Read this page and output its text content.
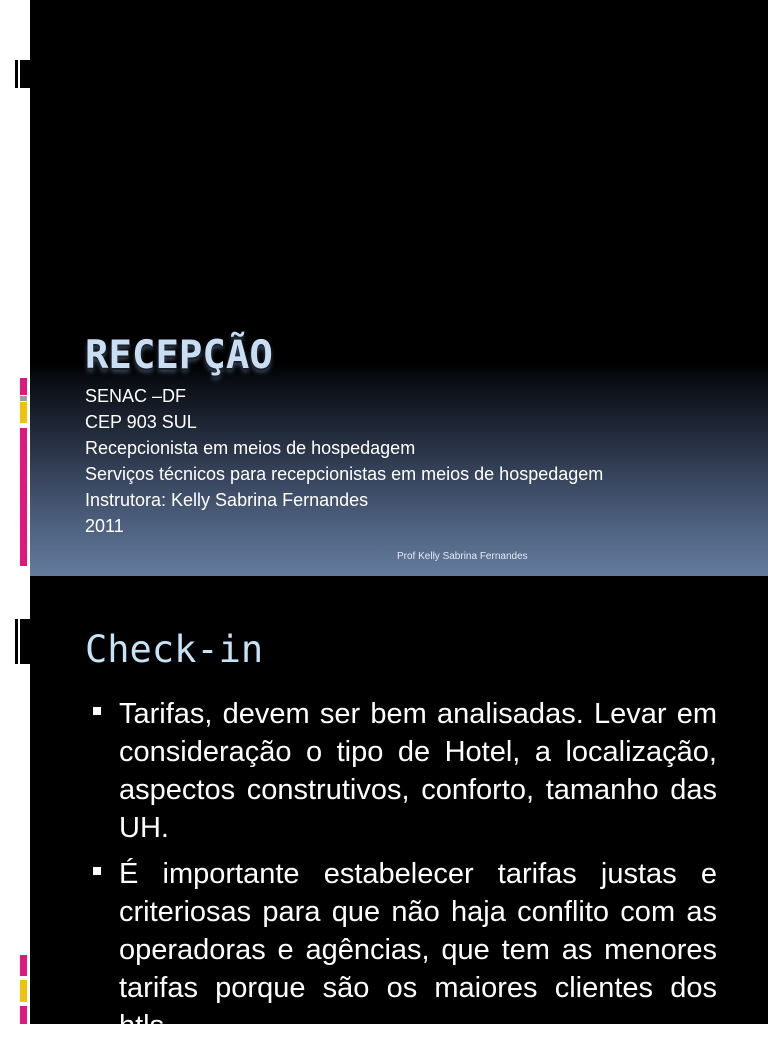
RECEPÇÃO
SENAC –DF
CEP 903 SUL
Recepcionista em meios de hospedagem
Serviços técnicos para recepcionistas em meios de hospedagem
Instrutora: Kelly Sabrina Fernandes
2011
Prof Kelly Sabrina Fernandes
Check-in
Tarifas, devem ser bem analisadas. Levar em consideração o tipo de Hotel, a localização, aspectos construtivos, conforto, tamanho das UH.
É importante estabelecer tarifas justas e criteriosas para que não haja conflito com as operadoras e agências, que tem as menores tarifas porque são os maiores clientes dos htls.
